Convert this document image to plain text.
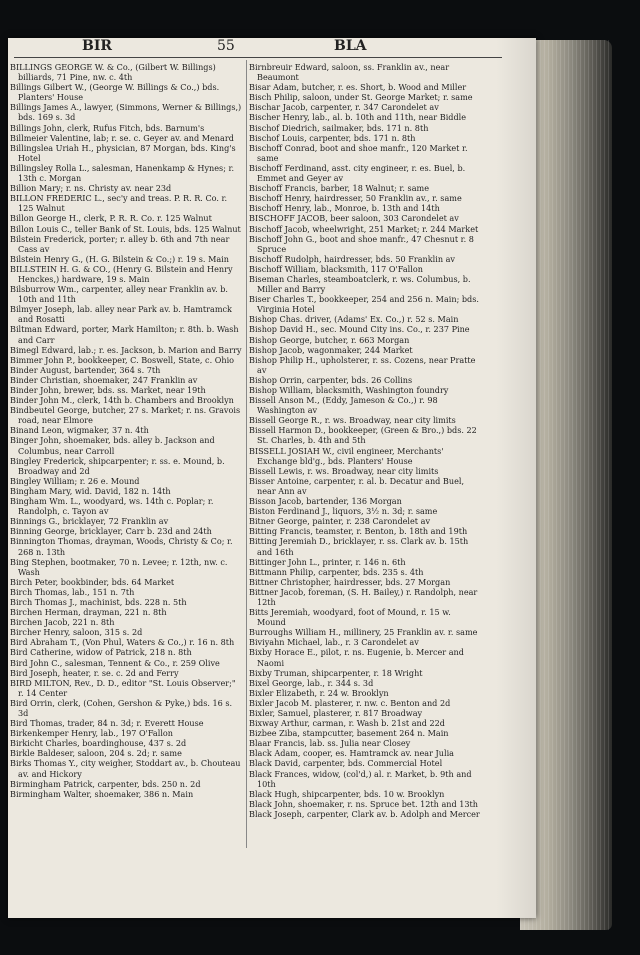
BIR	55	BLA

BILLINGS GEORGE W. & Co., (Gilbert W. Billings) billiards, 71 Pine, nw. c. 4th

Billings Gilbert W., (George W. Billings & Co.,) bds. Planters' House

Billings James A., lawyer, (Simmons, Werner & Billings,) bds. 169 s. 3d

Billings John, clerk, Rufus Fitch, bds. Barnum's

Billmeier Valentine, lab; r. se. c. Geyer av. and Menard

Billingslea Uriah H., physician, 87 Morgan, bds. King's Hotel

Billingsley Rolla L., salesman, Hanenkamp & Hynes; r. 13th c. Morgan

Billion Mary; r. ns. Christy av. near 23d

BILLON FREDERIC L., sec'y and treas. P. R. R. Co. r. 125 Walnut

Billon George H., clerk, P. R. R. Co. r. 125 Walnut

Billon Louis C., teller Bank of St. Louis, bds. 125 Walnut

Bilstein Frederick, porter; r. alley b. 6th and 7th near Cass av

Bilstein Henry G., (H. G. Bilstein & Co.;) r. 19 s. Main

BILLSTEIN H. G. & CO., (Henry G. Bilstein and Henry Henckes,) hardware, 19 s. Main

Bilsburrow Wm., carpenter, alley near Franklin av. b. 10th and 11th

Bilmyer Joseph, lab. alley near Park av. b. Hamtramck and Rosatti

Biltman Edward, porter, Mark Hamilton; r. 8th. b. Wash and Carr

Bimegl Edward, lab.; r. es. Jackson, b. Marion and Barry

Bimmer John P., bookkeeper, C. Boswell, State, c. Ohio

Binder August, bartender, 364 s. 7th

Binder Christian, shoemaker, 247 Franklin av

Binder John, brewer, bds. ss. Market, near 19th

Binder John M., clerk, 14th b. Chambers and Brooklyn

Bindbeutel George, butcher, 27 s. Market; r. ns. Gravois road, near Elmore

Binand Leon, wigmaker, 37 n. 4th

Binger John, shoemaker, bds. alley b. Jackson and Columbus, near Carroll

Bingley Frederick, shipcarpenter; r. ss. e. Mound, b. Broadway and 2d

Bingley William; r. 26 e. Mound

Bingham Mary, wid. David, 182 n. 14th

Bingham Wm. L., woodyard, ws. 14th c. Poplar; r. Randolph, c. Tayon av

Binnings G., bricklayer, 72 Franklin av

Binning George, bricklayer, Carr b. 23d and 24th

Binnington Thomas, drayman, Woods, Christy & Co; r. 268 n. 13th

Bing Stephen, bootmaker, 70 n. Levee; r. 12th, nw. c. Wash

Birch Peter, bookbinder, bds. 64 Market

Birch Thomas, lab., 151 n. 7th

Birch Thomas J., machinist, bds. 228 n. 5th

Birchen Herman, drayman, 221 n. 8th

Birchen Jacob, 221 n. 8th

Bircher Henry, saloon, 315 s. 2d

Bird Abraham T., (Von Phul, Waters & Co.,) r. 16 n. 8th

Bird Catherine, widow of Patrick, 218 n. 8th

Bird John C., salesman, Tennent & Co., r. 259 Olive

Bird Joseph, heater, r. se. c. 2d and Ferry

BIRD MILTON, Rev., D. D., editor "St. Louis Observer;" r. 14 Center

Bird Orrin, clerk, (Cohen, Gershon & Pyke,) bds. 16 s. 3d

Bird Thomas, trader, 84 n. 3d; r. Everett House

Birkenkemper Henry, lab., 197 O'Fallon

Birkicht Charles, boardinghouse, 437 s. 2d

Birkle Baldeser, saloon, 204 s. 2d; r. same

Birks Thomas Y., city weigher, Stoddart av., b. Chouteau av. and Hickory

Birmingham Patrick, carpenter, bds. 250 n. 2d

Birmingham Walter, shoemaker, 386 n. Main

Birnbreuir Edward, saloon, ss. Franklin av., near Beaumont

Bisar Adam, butcher, r. es. Short, b. Wood and Miller

Bisch Philip, saloon, under St. George Market; r. same

Bischar Jacob, carpenter, r. 347 Carondelet av

Bischer Henry, lab., al. b. 10th and 11th, near Biddle

Bischof Diedrich, sailmaker, bds. 171 n. 8th

Bischof Louis, carpenter, bds. 171 n. 8th

Bischoff Conrad, boot and shoe manfr., 120 Market r. same

Bischoff Ferdinand, asst. city engineer, r. es. Buel, b. Emmet and Geyer av

Bischoff Francis, barber, 18 Walnut; r. same

Bischoff Henry, hairdresser, 50 Franklin av., r. same

Bischoff Henry, lab., Monroe, b. 13th and 14th

BISCHOFF JACOB, beer saloon, 303 Carondelet av

Bischoff Jacob, wheelwright, 251 Market; r. 244 Market

Bischoff John G., boot and shoe manfr., 47 Chesnut r. 8 Spruce

Bischoff Rudolph, hairdresser, bds. 50 Franklin av

Bischoff William, blacksmith, 117 O'Fallon

Biseman Charles, steamboatclerk, r. ws. Columbus, b. Miller and Barry

Biser Charles T., bookkeeper, 254 and 256 n. Main; bds. Virginia Hotel

Bishop Chas. driver, (Adams' Ex. Co.,) r. 52 s. Main

Bishop David H., sec. Mound City ins. Co., r. 237 Pine

Bishop George, butcher, r. 663 Morgan

Bishop Jacob, wagonmaker, 244 Market

Bishop Philip H., upholsterer, r. ss. Cozens, near Pratte av

Bishop Orrin, carpenter, bds. 26 Collins

Bishop William, blacksmith, Washington foundry

Bissell Anson M., (Eddy, Jameson & Co.,) r. 98 Washington av

Bissell George R., r. ws. Broadway, near city limits

Bissell Harmon D., bookkeeper, (Green & Bro.,) bds. 22 St. Charles, b. 4th and 5th

BISSELL JOSIAH W., civil engineer, Merchants' Exchange bld'g., bds. Planters' House

Bissell Lewis, r. ws. Broadway, near city limits

Bisser Antoine, carpenter, r. al. b. Decatur and Buel, near Ann av

Bisson Jacob, bartender, 136 Morgan

Biston Ferdinand J., liquors, 3½ n. 3d; r. same

Bitner George, painter, r. 238 Carondelet av

Bitting Francis, teamster, r. Benton, b. 18th and 19th

Bitting Jeremiah D., bricklayer, r. ss. Clark av. b. 15th and 16th

Bittinger John L., printer, r. 146 n. 6th

Bittmann Philip, carpenter, bds. 235 s. 4th

Bittner Christopher, hairdresser, bds. 27 Morgan

Bittner Jacob, foreman, (S. H. Bailey,) r. Randolph, near 12th

Bitts Jeremiah, woodyard, foot of Mound, r. 15 w. Mound

Burroughs William H., millinery, 25 Franklin av. r. same

Biviyahn Michael, lab., r. 3 Carondelet av

Bixby Horace E., pilot, r. ns. Eugenie, b. Mercer and Naomi

Bixby Truman, shipcarpenter, r. 18 Wright

Bixel George, lab., r. 344 s. 3d

Bixler Elizabeth, r. 24 w. Brooklyn

Bixler Jacob M. plasterer, r. nw. c. Benton and 2d

Bixler, Samuel, plasterer, r. 817 Broadway

Bixway Arthur, carman, r. Wash b. 21st and 22d

Bizbee Ziba, stampcutter, basement 264 n. Main

Blaar Francis, lab. ss. Julia near Closey

Black Adam, cooper, es. Hamtramck av. near Julia

Black David, carpenter, bds. Commercial Hotel

Black Frances, widow, (col'd,) al. r. Market, b. 9th and 10th

Black Hugh, shipcarpenter, bds. 10 w. Brooklyn

Black John, shoemaker, r. ns. Spruce bet. 12th and 13th

Black Joseph, carpenter, Clark av. b. Adolph and Mercer
